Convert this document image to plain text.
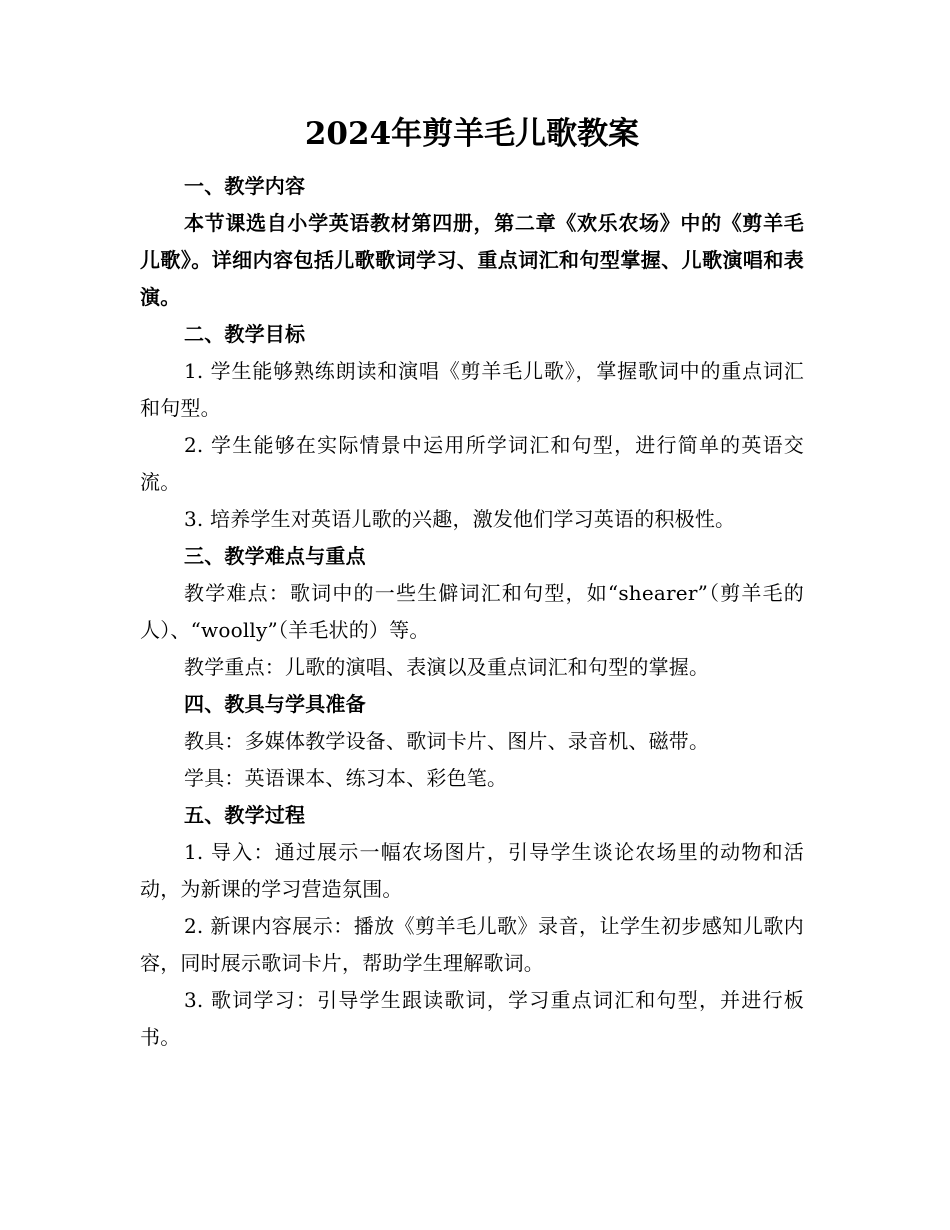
2024年剪羊毛儿歌教案

一、教学内容

本节课选自小学英语教材第四册，第二章《欢乐农场》中的《剪羊毛儿歌》。详细内容包括儿歌歌词学习、重点词汇和句型掌握、儿歌演唱和表演。

二、教学目标

1. 学生能够熟练朗读和演唱《剪羊毛儿歌》，掌握歌词中的重点词汇和句型。

2. 学生能够在实际情景中运用所学词汇和句型，进行简单的英语交流。

3. 培养学生对英语儿歌的兴趣，激发他们学习英语的积极性。

三、教学难点与重点

教学难点：歌词中的一些生僻词汇和句型，如“shearer”（剪羊毛的人）、“woolly”（羊毛状的）等。

教学重点：儿歌的演唱、表演以及重点词汇和句型的掌握。

四、教具与学具准备

教具：多媒体教学设备、歌词卡片、图片、录音机、磁带。

学具：英语课本、练习本、彩色笔。

五、教学过程

1. 导入：通过展示一幅农场图片，引导学生谈论农场里的动物和活动，为新课的学习营造氛围。

2. 新课内容展示：播放《剪羊毛儿歌》录音，让学生初步感知儿歌内容，同时展示歌词卡片，帮助学生理解歌词。

3. 歌词学习：引导学生跟读歌词，学习重点词汇和句型，并进行板书。
